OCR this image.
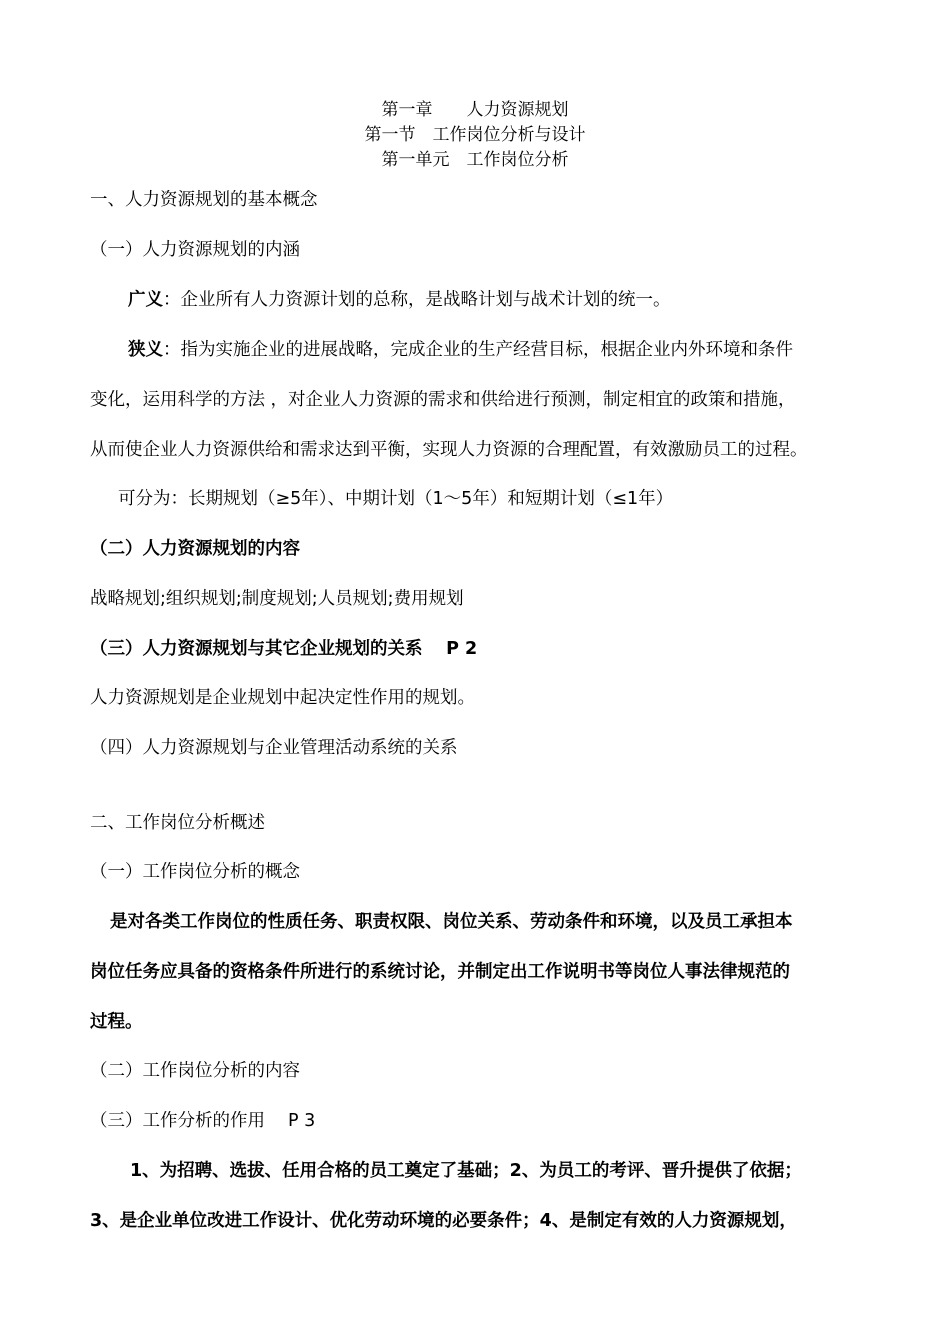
第一章　　人力资源规划
第一节　工作岗位分析与设计
第一单元　工作岗位分析
一、人力资源规划的基本概念
（一）人力资源规划的内涵
广义：企业所有人力资源计划的总称，是战略计划与战术计划的统一。
狭义：指为实施企业的进展战略，完成企业的生产经营目标，根据企业内外环境和条件
变化，运用科学的方法 ，对企业人力资源的需求和供给进行预测，制定相宜的政策和措施，
从而使企业人力资源供给和需求达到平衡，实现人力资源的合理配置，有效激励员工的过程。
可分为：长期规划（≥5年）、中期计划（1～5年）和短期计划（≤1年）
（二）人力资源规划的内容
战略规划;组织规划;制度规划;人员规划;费用规划
（三）人力资源规划与其它企业规划的关系　 P 2
人力资源规划是企业规划中起决定性作用的规划。
（四）人力资源规划与企业管理活动系统的关系
二、工作岗位分析概述
（一）工作岗位分析的概念
是对各类工作岗位的性质任务、职责权限、岗位关系、劳动条件和环境，以及员工承担本
岗位任务应具备的资格条件所进行的系统讨论，并制定出工作说明书等岗位人事法律规范的
过程。
（二）工作岗位分析的内容
（三）工作分析的作用　 P 3
1、为招聘、选拔、任用合格的员工奠定了基础；2、为员工的考评、晋升提供了依据；
3、是企业单位改进工作设计、优化劳动环境的必要条件；4、是制定有效的人力资源规划，
